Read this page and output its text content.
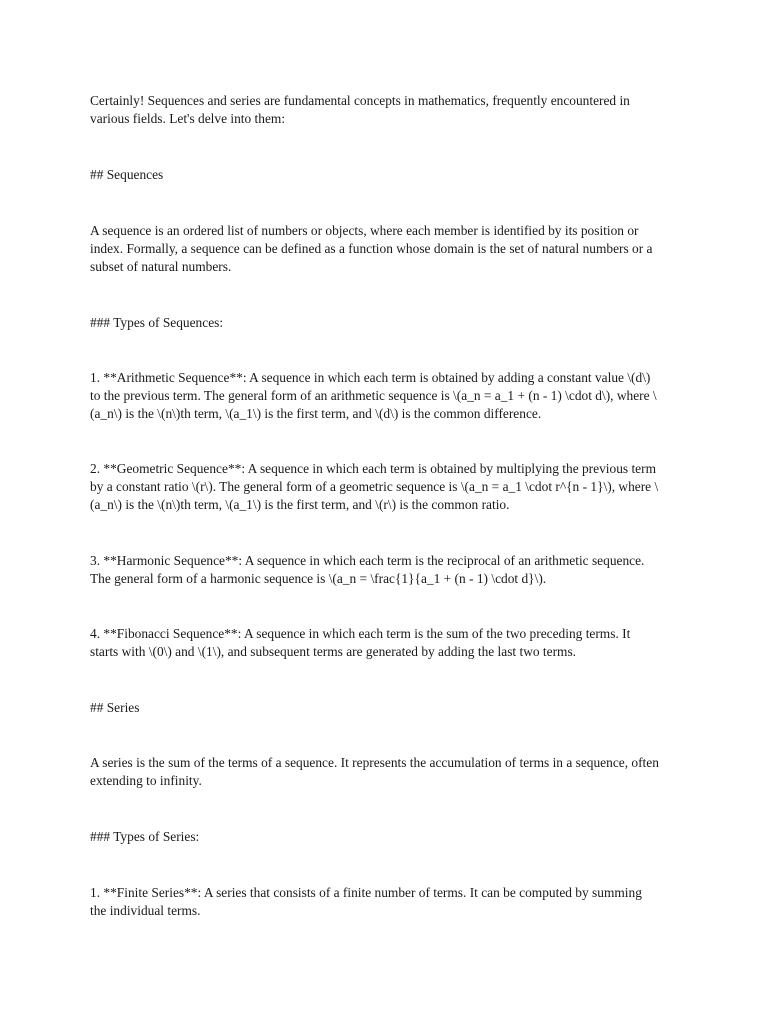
Certainly! Sequences and series are fundamental concepts in mathematics, frequently encountered in
various fields. Let's delve into them:

## Sequences

A sequence is an ordered list of numbers or objects, where each member is identified by its position or
index. Formally, a sequence can be defined as a function whose domain is the set of natural numbers or a
subset of natural numbers.

### Types of Sequences:

1. **Arithmetic Sequence**: A sequence in which each term is obtained by adding a constant value \(d\)
to the previous term. The general form of an arithmetic sequence is \(a_n = a_1 + (n - 1) \cdot d\), where \
(a_n\) is the \(n\)th term, \(a_1\) is the first term, and \(d\) is the common difference.

2. **Geometric Sequence**: A sequence in which each term is obtained by multiplying the previous term
by a constant ratio \(r\). The general form of a geometric sequence is \(a_n = a_1 \cdot r^{n - 1}\), where \
(a_n\) is the \(n\)th term, \(a_1\) is the first term, and \(r\) is the common ratio.

3. **Harmonic Sequence**: A sequence in which each term is the reciprocal of an arithmetic sequence.
The general form of a harmonic sequence is \(a_n = \frac{1}{a_1 + (n - 1) \cdot d}\).

4. **Fibonacci Sequence**: A sequence in which each term is the sum of the two preceding terms. It
starts with \(0\) and \(1\), and subsequent terms are generated by adding the last two terms.

## Series

A series is the sum of the terms of a sequence. It represents the accumulation of terms in a sequence, often
extending to infinity.

### Types of Series:

1. **Finite Series**: A series that consists of a finite number of terms. It can be computed by summing
the individual terms.
